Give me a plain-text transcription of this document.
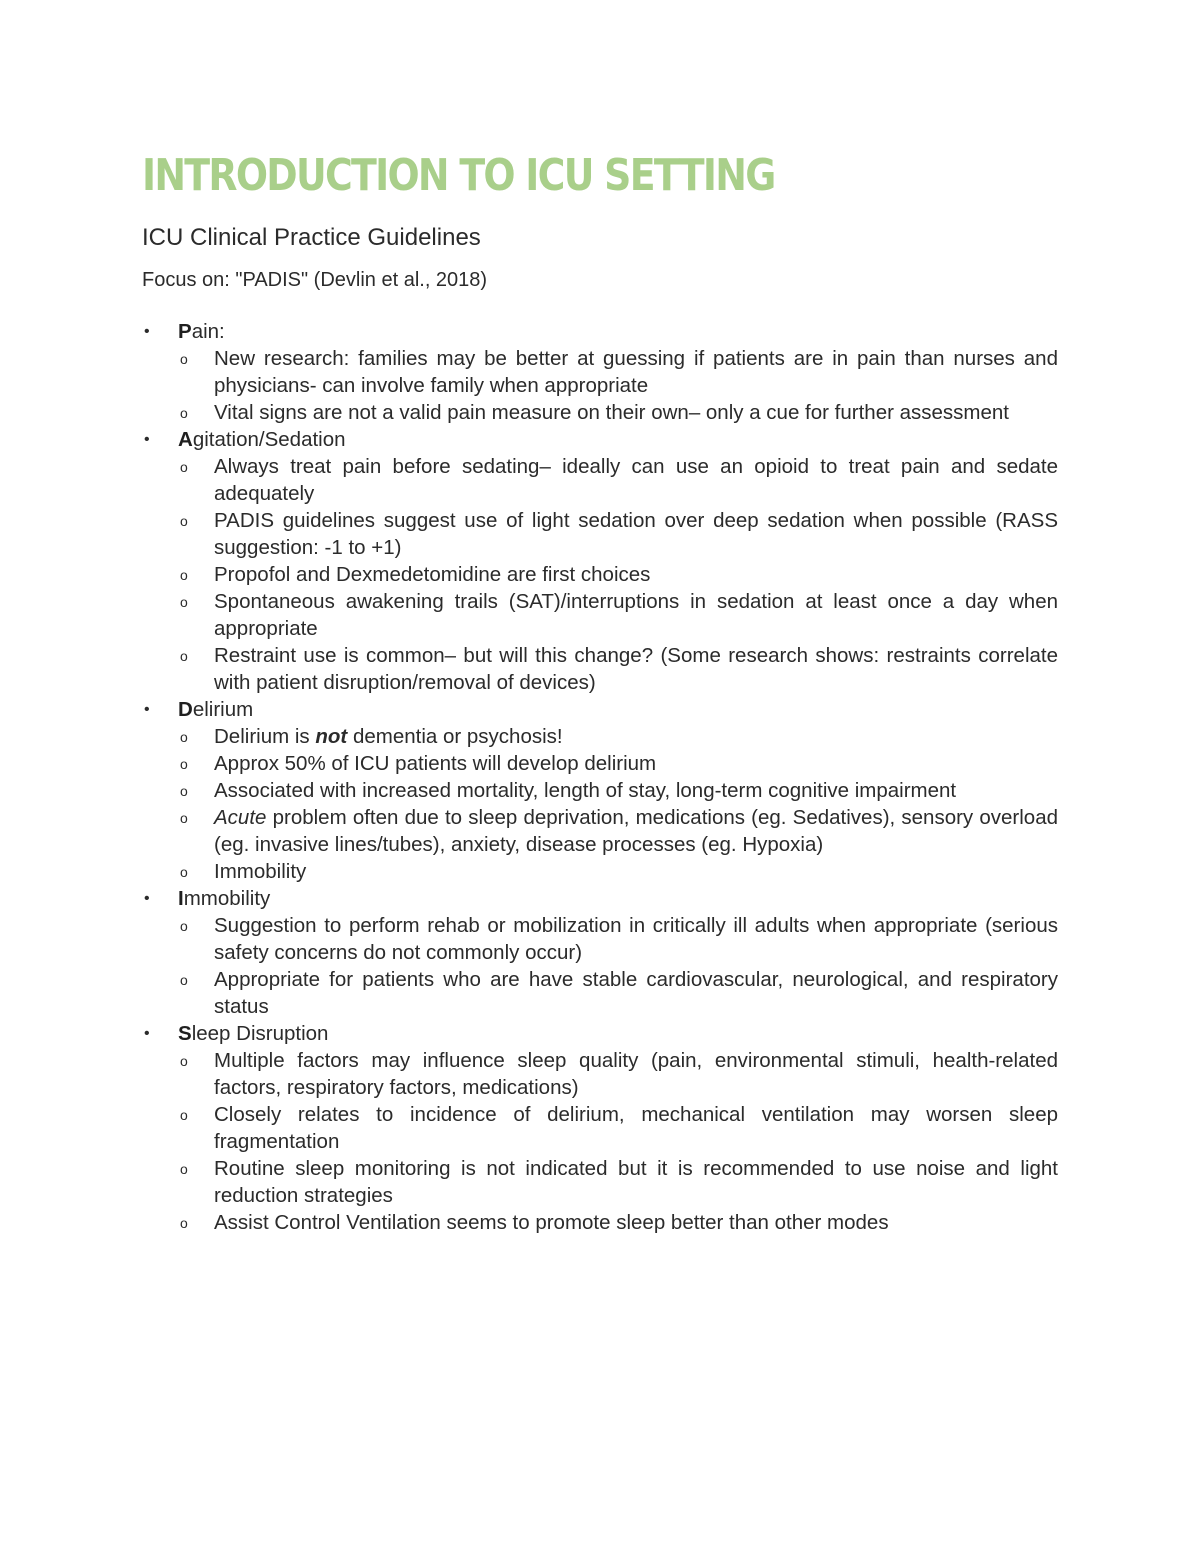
INTRODUCTION TO ICU SETTING
ICU Clinical Practice Guidelines

Focus on: "PADIS" (Devlin et al., 2018)

• Pain:
o New research: families may be better at guessing if patients are in pain than nurses and physicians- can involve family when appropriate
o Vital signs are not a valid pain measure on their own– only a cue for further assessment
• Agitation/Sedation
o Always treat pain before sedating– ideally can use an opioid to treat pain and sedate adequately
o PADIS guidelines suggest use of light sedation over deep sedation when possible (RASS suggestion: -1 to +1)
o Propofol and Dexmedetomidine are first choices
o Spontaneous awakening trails (SAT)/interruptions in sedation at least once a day when appropriate
o Restraint use is common– but will this change? (Some research shows: restraints correlate with patient disruption/removal of devices)
• Delirium
o Delirium is not dementia or psychosis!
o Approx 50% of ICU patients will develop delirium
o Associated with increased mortality, length of stay, long-term cognitive impairment
o Acute problem often due to sleep deprivation, medications (eg. Sedatives), sensory overload (eg. invasive lines/tubes), anxiety, disease processes (eg. Hypoxia)
o Immobility
• Immobility
o Suggestion to perform rehab or mobilization in critically ill adults when appropriate (serious safety concerns do not commonly occur)
o Appropriate for patients who are have stable cardiovascular, neurological, and respiratory status
• Sleep Disruption
o Multiple factors may influence sleep quality (pain, environmental stimuli, health-related factors, respiratory factors, medications)
o Closely relates to incidence of delirium, mechanical ventilation may worsen sleep fragmentation
o Routine sleep monitoring is not indicated but it is recommended to use noise and light reduction strategies
o Assist Control Ventilation seems to promote sleep better than other modes
